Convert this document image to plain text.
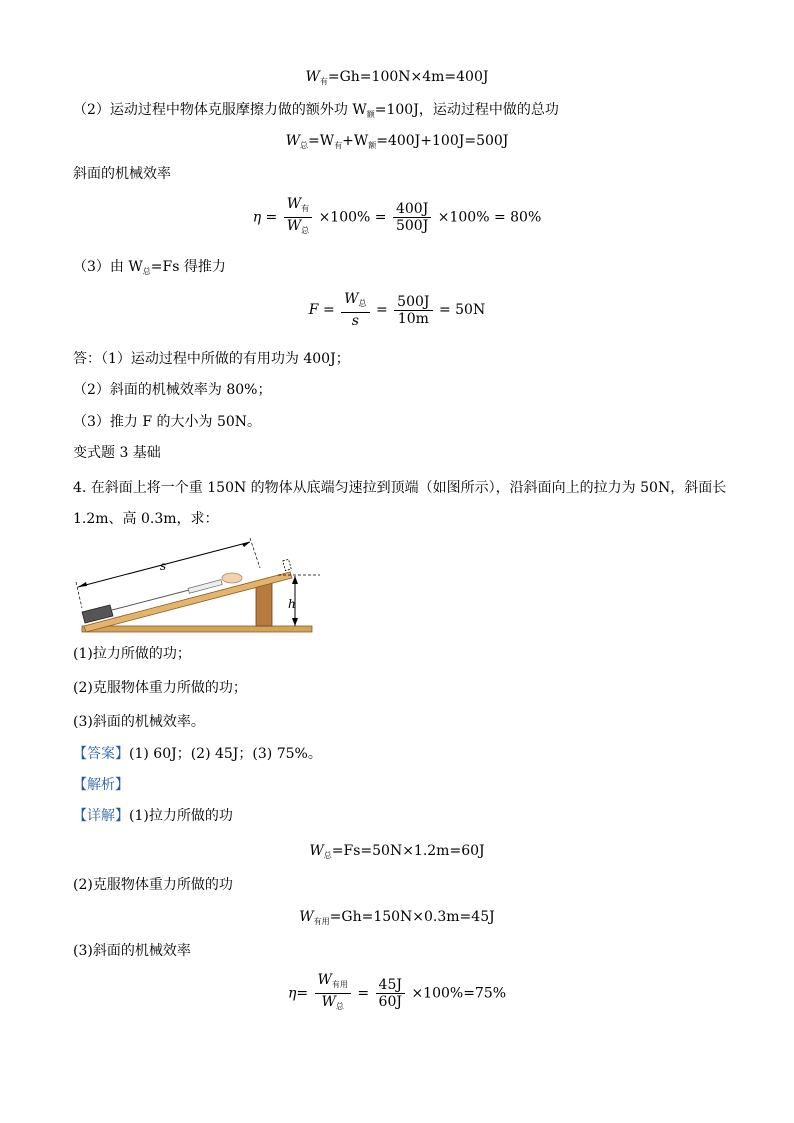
$W_有=Gh=100N\times 4m=400J$
（2）运动过程中物体克服摩擦力做的额外功 $W_额=100J$，运动过程中做的总功
$W_总=W_有+W_额=400J+100J=500J$
斜面的机械效率
$\eta = \frac{W_有}{W_总} \times 100\% = \frac{400J}{500J} \times 100\% = 80\%$
（3）由 $W_总=Fs$ 得推力
$F = \frac{W_总}{s} = \frac{500J}{10m} = 50N$
答：（1）运动过程中所做的有用功为 400J；
（2）斜面的机械效率为 80%；
（3）推力 F 的大小为 50N。
变式题 3 基础
4. 在斜面上将一个重 150N 的物体从底端匀速拉到顶端（如图所示），沿斜面向上的拉力为 50N，斜面长
1.2m、高 0.3m，求：
s
h
(1)拉力所做的功；
(2)克服物体重力所做的功；
(3)斜面的机械效率。
【答案】(1) 60J；(2) 45J；(3) 75%。
【解析】
【详解】(1)拉力所做的功
$W_总=Fs=50N\times 1.2m=60J$
(2)克服物体重力所做的功
$W_{有用}=Gh=150N\times 0.3m=45J$
(3)斜面的机械效率
$\eta= \frac{W_{有用}}{W_总} = \frac{45J}{60J} \times 100\%=75\%$
